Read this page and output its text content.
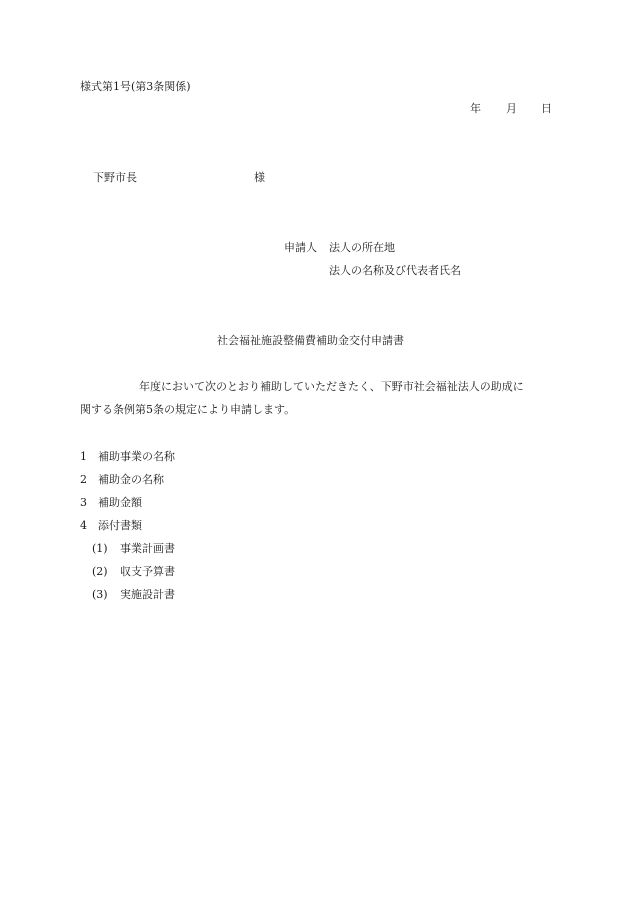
様式第1号(第3条関係)
年 月 日
下野市長	様
申請人 法人の所在地
法人の名称及び代表者氏名
社会福祉施設整備費補助金交付申請書
年度において次のとおり補助していただきたく、下野市社会福祉法人の助成に
関する条例第5条の規定により申請します。
1 補助事業の名称
2 補助金の名称
3 補助金額
4 添付書類
(1) 事業計画書
(2) 収支予算書
(3) 実施設計書
